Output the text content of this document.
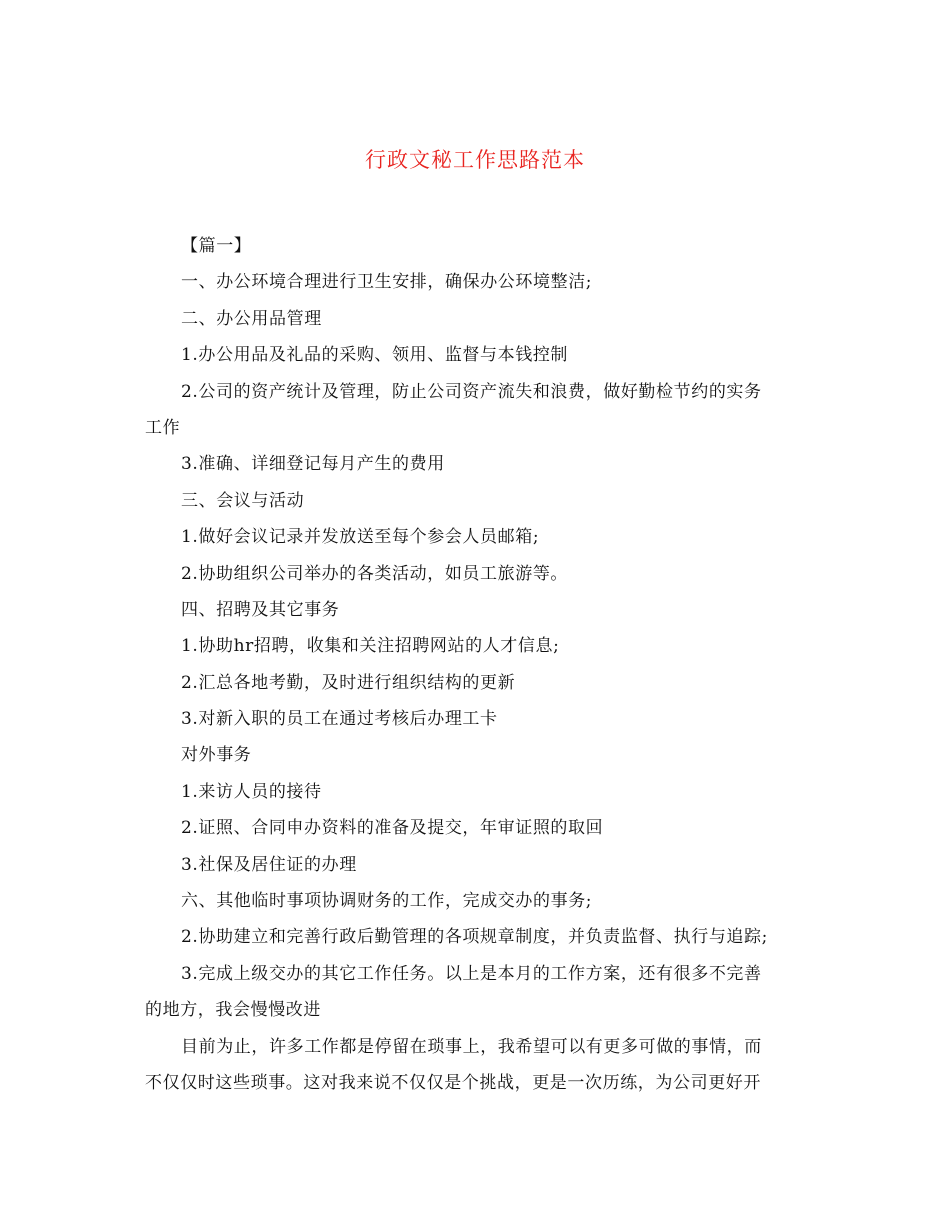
行政文秘工作思路范本
【篇一】
一、办公环境合理进行卫生安排，确保办公环境整洁;
二、办公用品管理
1.办公用品及礼品的采购、领用、监督与本钱控制
2.公司的资产统计及管理，防止公司资产流失和浪费，做好勤检节约的实务
工作
3.准确、详细登记每月产生的费用
三、会议与活动
1.做好会议记录并发放送至每个参会人员邮箱;
2.协助组织公司举办的各类活动，如员工旅游等。
四、招聘及其它事务
1.协助hr招聘，收集和关注招聘网站的人才信息;
2.汇总各地考勤，及时进行组织结构的更新
3.对新入职的员工在通过考核后办理工卡
对外事务
1.来访人员的接待
2.证照、合同申办资料的准备及提交，年审证照的取回
3.社保及居住证的办理
六、其他临时事项协调财务的工作，完成交办的事务;
2.协助建立和完善行政后勤管理的各项规章制度，并负责监督、执行与追踪;
3.完成上级交办的其它工作任务。以上是本月的工作方案，还有很多不完善
的地方，我会慢慢改进
目前为止，许多工作都是停留在琐事上，我希望可以有更多可做的事情，而
不仅仅时这些琐事。这对我来说不仅仅是个挑战，更是一次历练，为公司更好开
